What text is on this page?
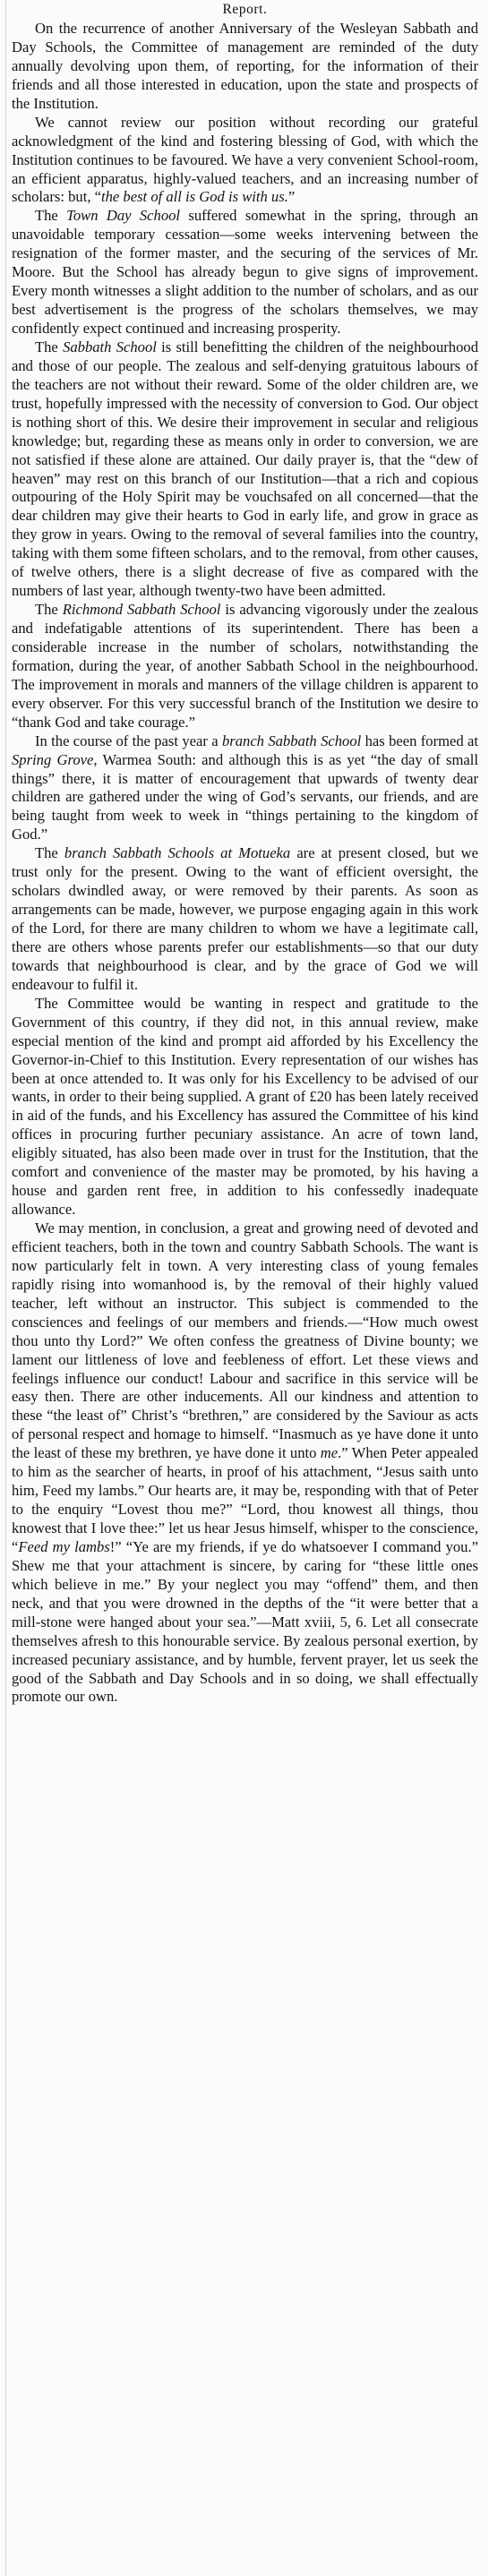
Report.

On the recurrence of another Anniversary of the Wesleyan Sabbath and Day Schools, the Committee of management are reminded of the duty annually devolving upon them, of reporting, for the information of their friends and all those interested in education, upon the state and prospects of the Institution.

We cannot review our position without recording our grateful acknowledgment of the kind and fostering blessing of God, with which the Institution continues to be favoured. We have a very convenient School-room, an efficient apparatus, highly-valued teachers, and an increasing number of scholars: but, “the best of all is God is with us.”

The Town Day School suffered somewhat in the spring, through an unavoidable temporary cessation—some weeks intervening between the resignation of the former master, and the securing of the services of Mr. Moore. But the School has already begun to give signs of improvement. Every month witnesses a slight addition to the number of scholars, and as our best advertisement is the progress of the scholars themselves, we may confidently expect continued and increasing prosperity.

The Sabbath School is still benefitting the children of the neighbourhood and those of our people. The zealous and self-denying gratuitous labours of the teachers are not without their reward. Some of the older children are, we trust, hopefully impressed with the necessity of conversion to God. Our object is nothing short of this. We desire their improvement in secular and religious knowledge; but, regarding these as means only in order to conversion, we are not satisfied if these alone are attained. Our daily prayer is, that the “dew of heaven” may rest on this branch of our Institution—that a rich and copious outpouring of the Holy Spirit may be vouchsafed on all concerned—that the dear children may give their hearts to God in early life, and grow in grace as they grow in years. Owing to the removal of several families into the country, taking with them some fifteen scholars, and to the removal, from other causes, of twelve others, there is a slight decrease of five as compared with the numbers of last year, although twenty-two have been admitted.

The Richmond Sabbath School is advancing vigorously under the zealous and indefatigable attentions of its superintendent. There has been a considerable increase in the number of scholars, notwithstanding the formation, during the year, of another Sabbath School in the neighbourhood. The improvement in morals and manners of the village children is apparent to every observer. For this very successful branch of the Institution we desire to “thank God and take courage.”

In the course of the past year a branch Sabbath School has been formed at Spring Grove, Warmea South: and although this is as yet “the day of small things” there, it is matter of encouragement that upwards of twenty dear children are gathered under the wing of God’s servants, our friends, and are being taught from week to week in “things pertaining to the kingdom of God.”

The branch Sabbath Schools at Motueka are at present closed, but we trust only for the present. Owing to the want of efficient oversight, the scholars dwindled away, or were removed by their parents. As soon as arrangements can be made, however, we purpose engaging again in this work of the Lord, for there are many children to whom we have a legitimate call, there are others whose parents prefer our establishments—so that our duty towards that neighbourhood is clear, and by the grace of God we will endeavour to fulfil it.

The Committee would be wanting in respect and gratitude to the Government of this country, if they did not, in this annual review, make especial mention of the kind and prompt aid afforded by his Excellency the Governor-in-Chief to this Institution. Every representation of our wishes has been at once attended to. It was only for his Excellency to be advised of our wants, in order to their being supplied. A grant of £20 has been lately received in aid of the funds, and his Excellency has assured the Committee of his kind offices in procuring further pecuniary assistance. An acre of town land, eligibly situated, has also been made over in trust for the Institution, that the comfort and convenience of the master may be promoted, by his having a house and garden rent free, in addition to his confessedly inadequate allowance.

We may mention, in conclusion, a great and growing need of devoted and efficient teachers, both in the town and country Sabbath Schools. The want is now particularly felt in town. A very interesting class of young females rapidly rising into womanhood is, by the removal of their highly valued teacher, left without an instructor. This subject is commended to the consciences and feelings of our members and friends.—“How much owest thou unto thy Lord?” We often confess the greatness of Divine bounty; we lament our littleness of love and feebleness of effort. Let these views and feelings influence our conduct! Labour and sacrifice in this service will be easy then. There are other inducements. All our kindness and attention to these “the least of” Christ’s “brethren,” are considered by the Saviour as acts of personal respect and homage to himself. “Inasmuch as ye have done it unto the least of these my brethren, ye have done it unto me.” When Peter appealed to him as the searcher of hearts, in proof of his attachment, “Jesus saith unto him, Feed my lambs.” Our hearts are, it may be, responding with that of Peter to the enquiry “Lovest thou me?” “Lord, thou knowest all things, thou knowest that I love thee:” let us hear Jesus himself, whisper to the conscience, “Feed my lambs!” “Ye are my friends, if ye do whatsoever I command you.” Shew me that your attachment is sincere, by caring for “these little ones which believe in me.” By your neglect you may “offend” them, and then neck, and that you were drowned in the depths of the “it were better that a mill-stone were hanged about your sea.”—Matt xviii, 5, 6. Let all consecrate themselves afresh to this honourable service. By zealous personal exertion, by increased pecuniary assistance, and by humble, fervent prayer, let us seek the good of the Sabbath and Day Schools and in so doing, we shall effectually promote our own.
